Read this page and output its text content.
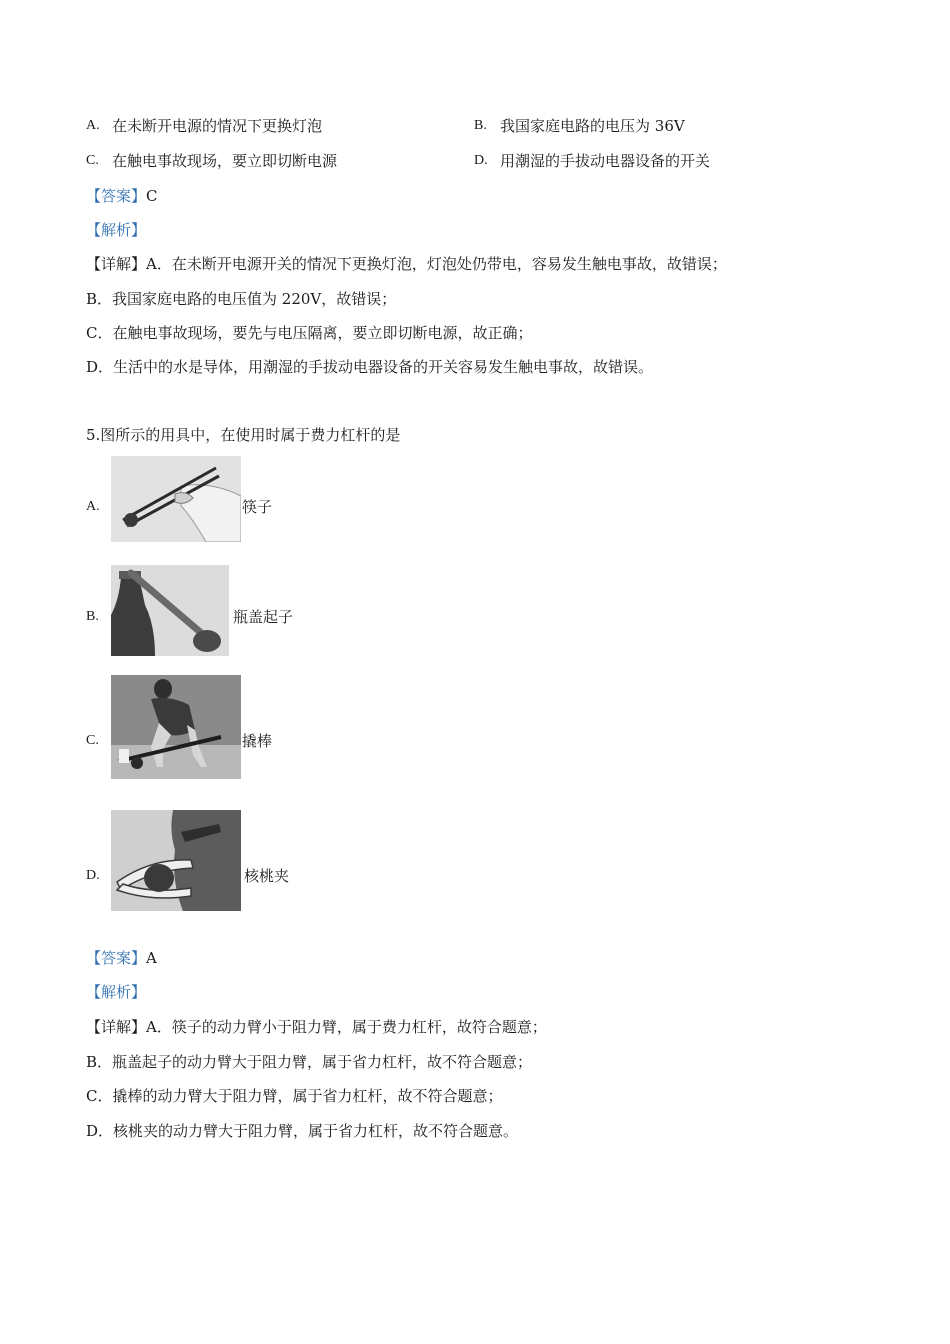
A. 在未断开电源的情况下更换灯泡	B. 我国家庭电路的电压为 36V
C. 在触电事故现场，要立即切断电源	D. 用潮湿的手拔动电器设备的开关
【答案】C
【解析】
【详解】A．在未断开电源开关的情况下更换灯泡，灯泡处仍带电，容易发生触电事故，故错误；
B．我国家庭电路的电压值为 220V，故错误；
C．在触电事故现场，要先与电压隔离，要立即切断电源，故正确；
D．生活中的水是导体，用潮湿的手拔动电器设备的开关容易发生触电事故，故错误。
5.图所示的用具中，在使用时属于费力杠杆的是
A.	筷子
B.	瓶盖起子
C.	撬棒
D.	核桃夹
【答案】A
【解析】
【详解】A．筷子的动力臂小于阻力臂，属于费力杠杆，故符合题意；
B．瓶盖起子的动力臂大于阻力臂，属于省力杠杆，故不符合题意；
C．撬棒的动力臂大于阻力臂，属于省力杠杆，故不符合题意；
D．核桃夹的动力臂大于阻力臂，属于省力杠杆，故不符合题意。
